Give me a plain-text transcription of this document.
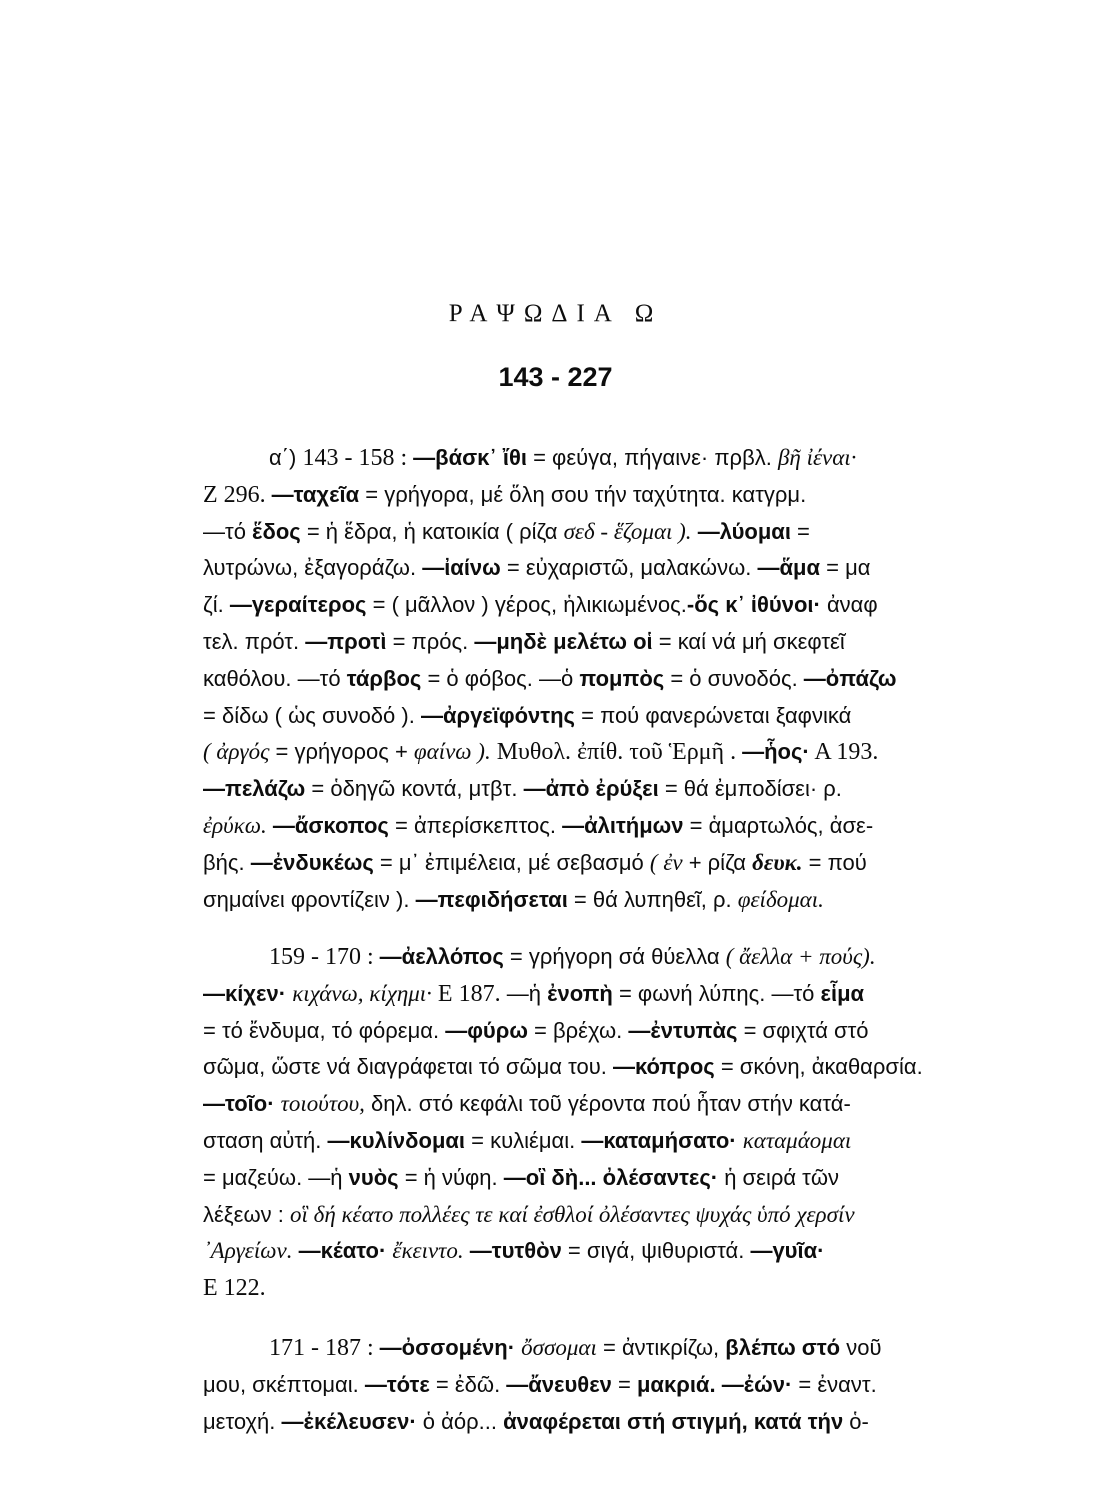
ΡΑΨΩΔΙΑ Ω
143 - 227
α΄) 143 - 158 : —βάσκ᾽ ἴθι = φεύγα, πήγαινε· πρβλ. βῆ ἰέναι·
Ζ 296. —ταχεῖα = γρήγορα, μέ ὅλη σου τήν ταχύτητα. κατγρμ.
—τό ἕδος = ἡ ἕδρα, ἡ κατοικία ( ρίζα σεδ - ἕζομαι ). —λύομαι =
λυτρώνω, ἐξαγοράζω. —ἰαίνω = εὐχαριστῶ, μαλακώνω. —ἅμα = μα
ζί. —γεραίτερος = ( μᾶλλον ) γέρος, ἡλικιωμένος.-ὅς κ᾽ ἰθύνοι· ἀναφ
τελ. πρότ. —προτὶ = πρός. —μηδὲ μελέτω οἱ = καί νά μή σκεφτεῖ
καθόλου. —τό τάρβος = ὁ φόβος. —ὁ πομπὸς = ὁ συνοδός. —ὀπάζω
= δίδω ( ὡς συνοδό ). —ἀργεϊφόντης = πού φανερώνεται ξαφνικά
( ἀργός = γρήγορος + φαίνω ). Μυθολ. ἐπίθ. τοῦ Ἑρμῆ . —ἧος· Α 193.
—πελάζω = ὁδηγῶ κοντά, μτβτ. —ἀπὸ ἐρύξει = θά ἐμποδίσει· ρ.
ἐρύκω. —ἄσκοπος = ἀπερίσκεπτος. —ἀλιτήμων = ἁμαρτωλός, ἀσε-
βής. —ἐνδυκέως = μ᾽ ἐπιμέλεια, μέ σεβασμό ( ἐν + ρίζα δευκ. = πού
σημαίνει φροντίζειν ). —πεφιδήσεται = θά λυπηθεῖ, ρ. φείδομαι.
159 - 170 : —ἀελλόπος = γρήγορη σά θύελλα ( ἄελλα + πούς).
—κίχεν· κιχάνω, κίχημι· Ε 187. —ἡ ἐνοπὴ = φωνή λύπης. —τό εἷμα
= τό ἔνδυμα, τό φόρεμα. —φύρω = βρέχω. —ἐντυπὰς = σφιχτά στό
σῶμα, ὥστε νά διαγράφεται τό σῶμα του. —κόπρος = σκόνη, ἀκαθαρσία.
—τοῖο· τοιούτου, δηλ. στό κεφάλι τοῦ γέροντα πού ἦταν στήν κατά-
σταση αὐτή. —κυλίνδομαι = κυλιέμαι. —καταμήσατο· καταμάομαι
= μαζεύω. —ἡ νυὸς = ἡ νύφη. —οἳ δὴ... ὀλέσαντες· ἡ σειρά τῶν
λέξεων : οἳ δή κέατο πολλέες τε καί ἐσθλοί ὀλέσαντες ψυχάς ὑπό χερσίν
᾽Αργείων. —κέατο· ἔκειντο. —τυτθὸν = σιγά, ψιθυριστά. —γυῖα·
Ε 122.
171 - 187 : —ὀσσομένη· ὄσσομαι = ἀντικρίζω, βλέπω στό νοῦ
μου, σκέπτομαι. —τότε = ἐδῶ. —ἄνευθεν = μακριά. —ἐών· = ἐναντ.
μετοχή. —ἐκέλευσεν· ὁ ἀόρ... ἀναφέρεται στή στιγμή, κατά τήν ὁ-
